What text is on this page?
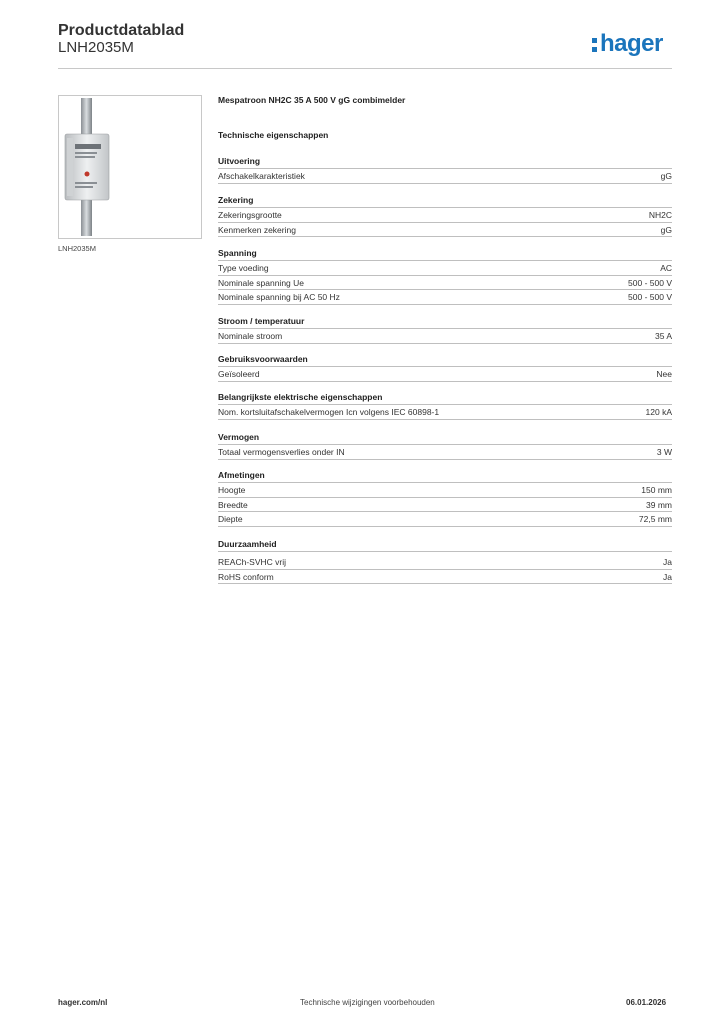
Productdatablad
LNH2035M	hager
LNH2035M
Mespatroon NH2C 35 A 500 V gG combimelder
Technische eigenschappen
Uitvoering
Afschakelkarakteristiek	gG
Zekering
Zekeringsgrootte	NH2C
Kenmerken zekering	gG
Spanning
Type voeding	AC
Nominale spanning Ue	500 - 500 V
Nominale spanning bij AC 50 Hz	500 - 500 V
Stroom / temperatuur
Nominale stroom	35 A
Gebruiksvoorwaarden
Geïsoleerd	Nee
Belangrijkste elektrische eigenschappen
Nom. kortsluitafschakelvermogen Icn volgens IEC 60898-1	120 kA
Vermogen
Totaal vermogensverlies onder IN	3 W
Afmetingen
Hoogte	150 mm
Breedte	39 mm
Diepte	72,5 mm
Duurzaamheid
REACh-SVHC vrij	Ja
RoHS conform	Ja
hager.com/nl	Technische wijzigingen voorbehouden	06.01.2026
